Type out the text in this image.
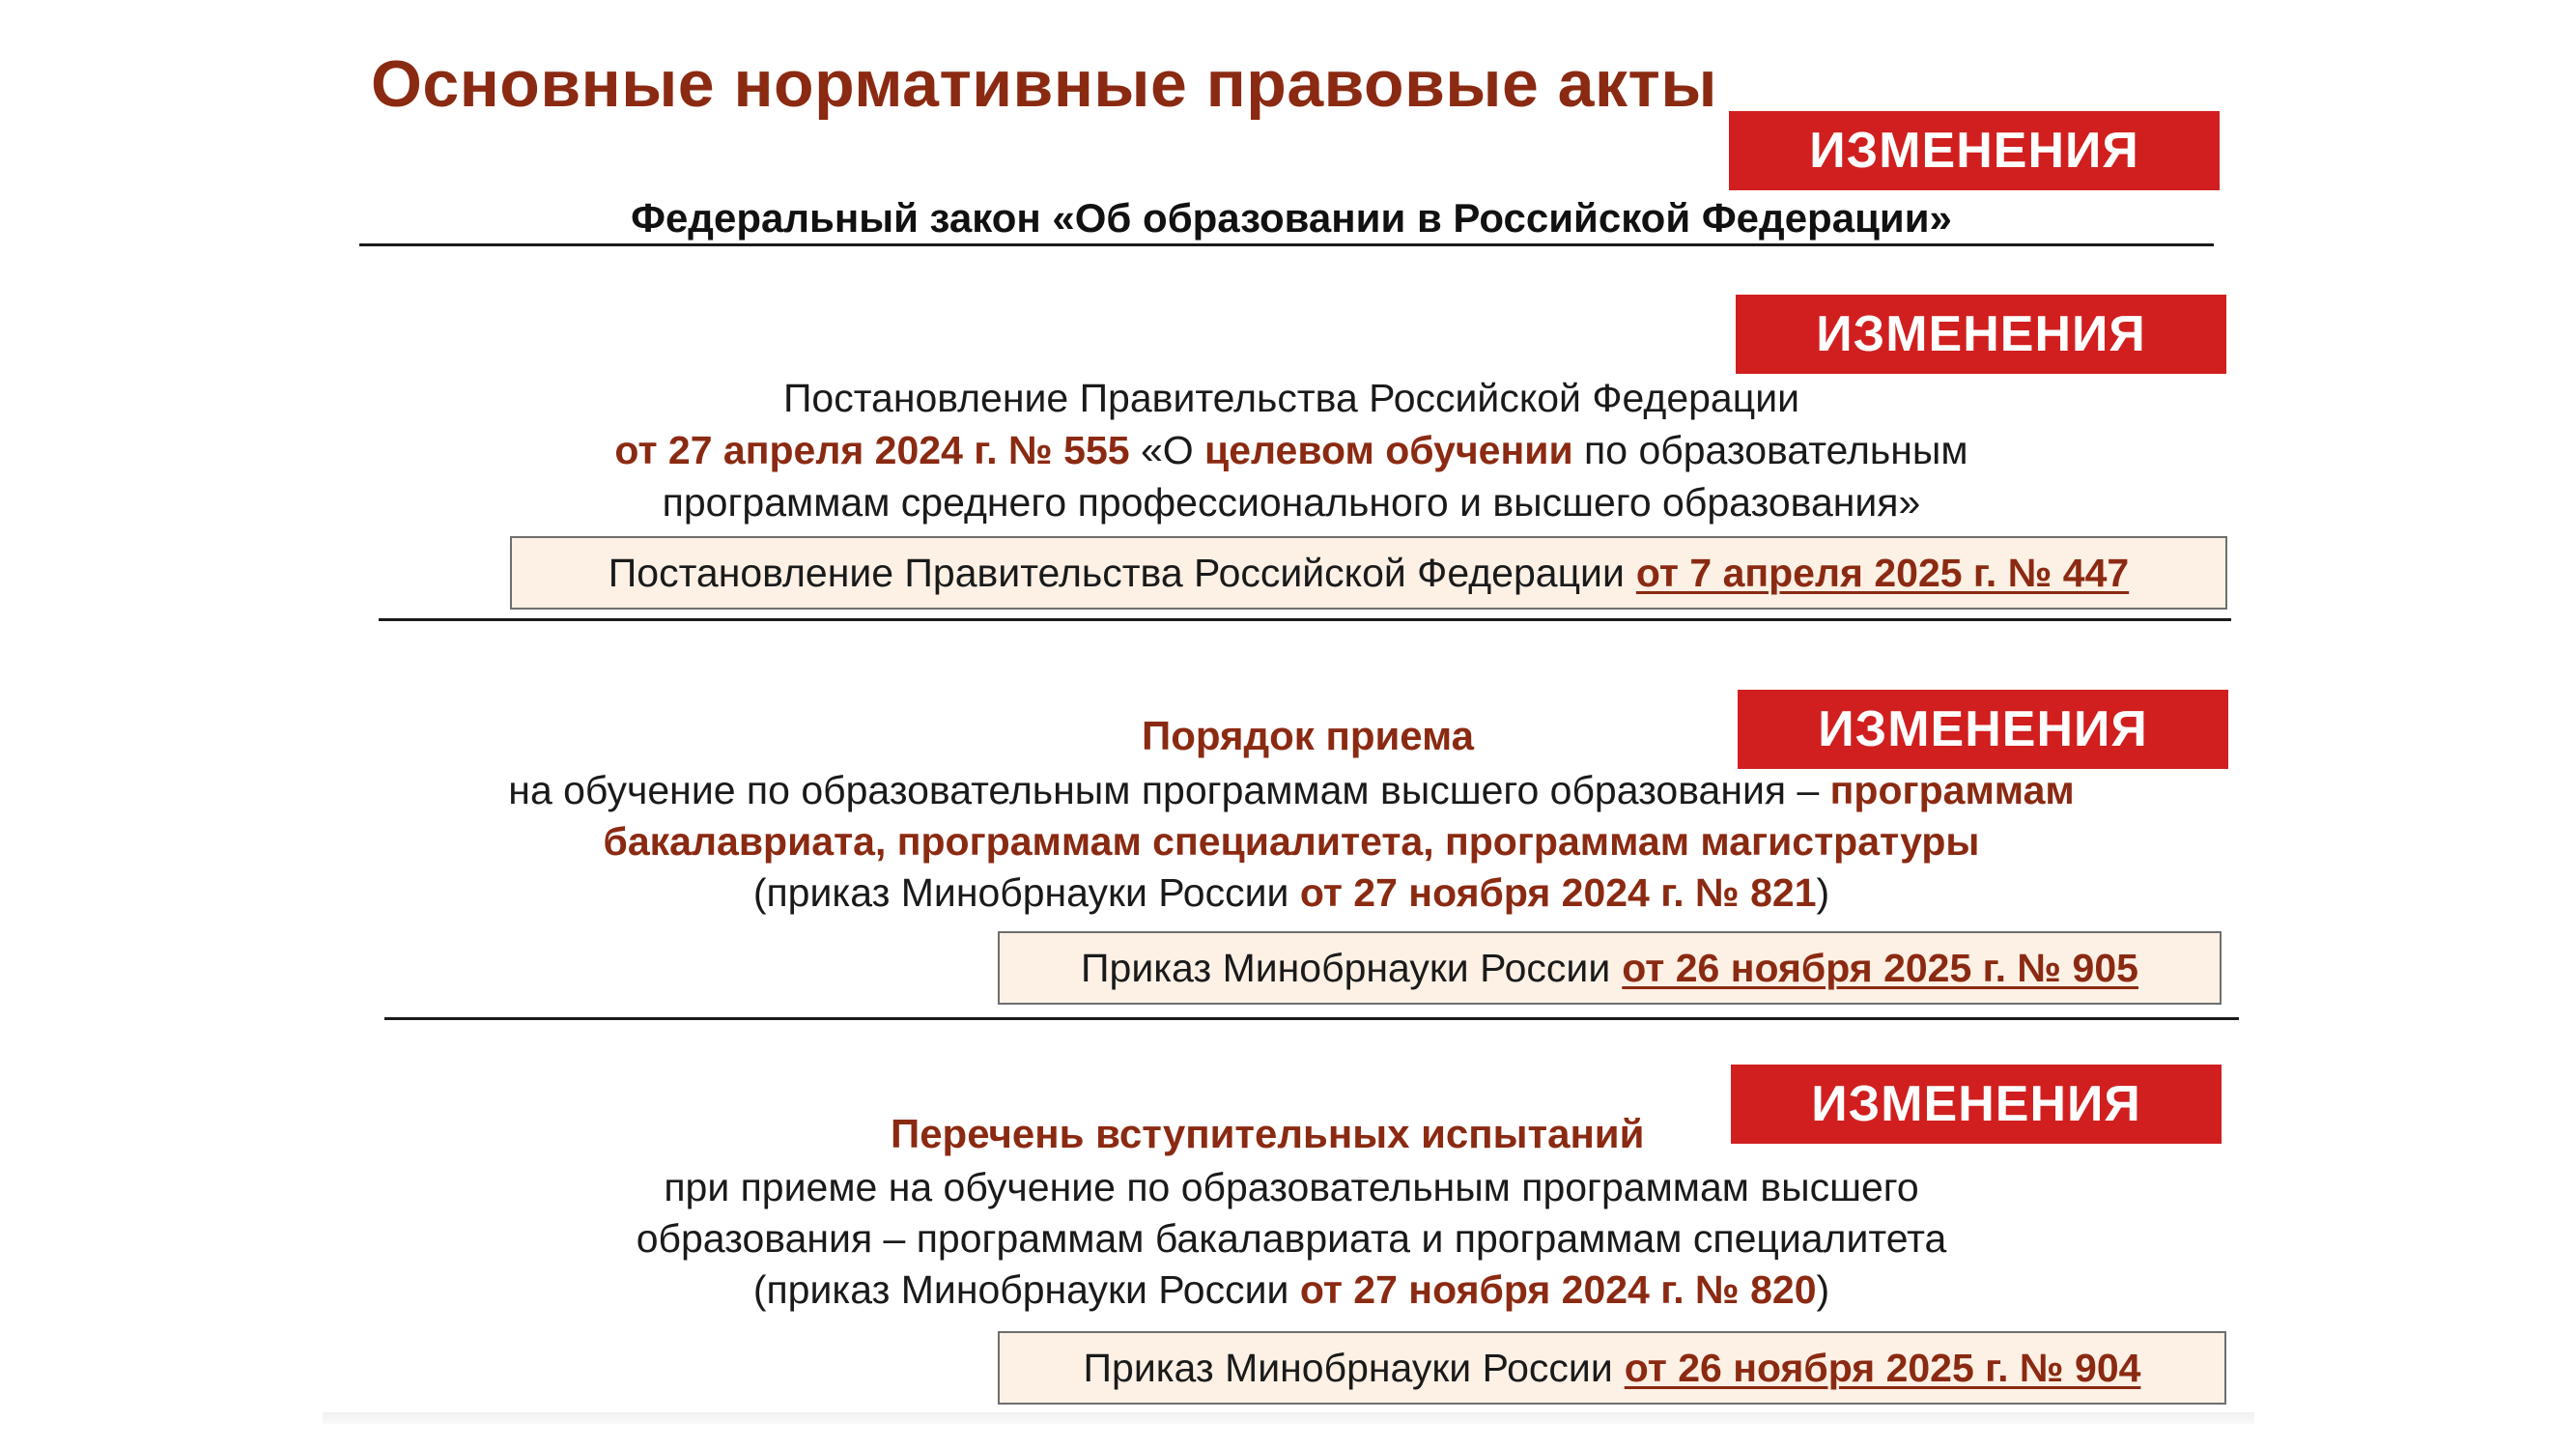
Основные нормативные правовые акты
ИЗМЕНЕНИЯ
Федеральный закон «Об образовании в Российской Федерации»
ИЗМЕНЕНИЯ
Постановление Правительства Российской Федерации
от 27 апреля 2024 г. № 555 «О целевом обучении по образовательным
программам среднего профессионального и высшего образования»
Постановление Правительства Российской Федерации от 7 апреля 2025 г. № 447
ИЗМЕНЕНИЯ
Порядок приема
на обучение по образовательным программам высшего образования – программам
бакалавриата, программам специалитета, программам магистратуры
(приказ Минобрнауки России от 27 ноября 2024 г. № 821)
Приказ Минобрнауки России от 26 ноября 2025 г. № 905
ИЗМЕНЕНИЯ
Перечень вступительных испытаний
при приеме на обучение по образовательным программам высшего
образования – программам бакалавриата и программам специалитета
(приказ Минобрнауки России от 27 ноября 2024 г. № 820)
Приказ Минобрнауки России от 26 ноября 2025 г. № 904
